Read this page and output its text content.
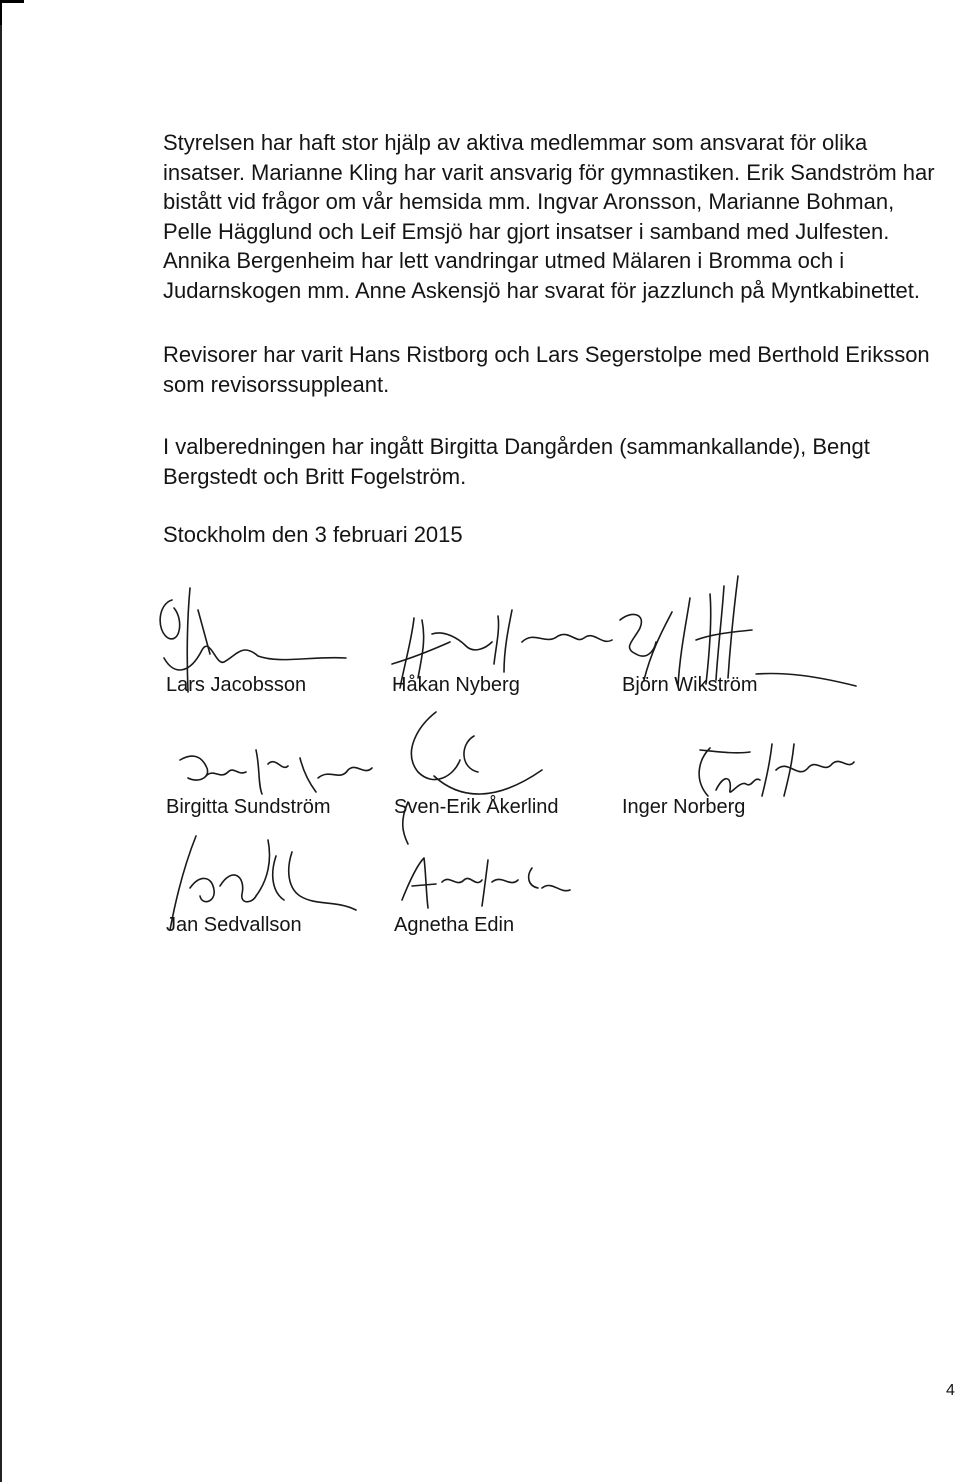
Styrelsen har haft stor hjälp av aktiva medlemmar som ansvarat för olika insatser. Marianne Kling har varit ansvarig för gymnastiken. Erik Sandström har bistått vid frågor om vår hemsida mm. Ingvar Aronsson, Marianne Bohman, Pelle Hägglund och Leif Emsjö har gjort insatser i samband med Julfesten. Annika Bergenheim har lett vandringar utmed Mälaren i Bromma och i Judarnskogen mm. Anne Askensjö har svarat för jazzlunch på Myntkabinettet.

Revisorer har varit Hans Ristborg och Lars Segerstolpe med Berthold Eriksson som revisorssuppleant.

I valberedningen har ingått Birgitta Dangården (sammankallande), Bengt Bergstedt och Britt Fogelström.

Stockholm den 3 februari 2015

Lars Jacobsson	Håkan Nyberg	Björn Wikström
Birgitta Sundström	Sven-Erik Åkerlind	Inger Norberg
Jan Sedvallson	Agnetha Edin
4
